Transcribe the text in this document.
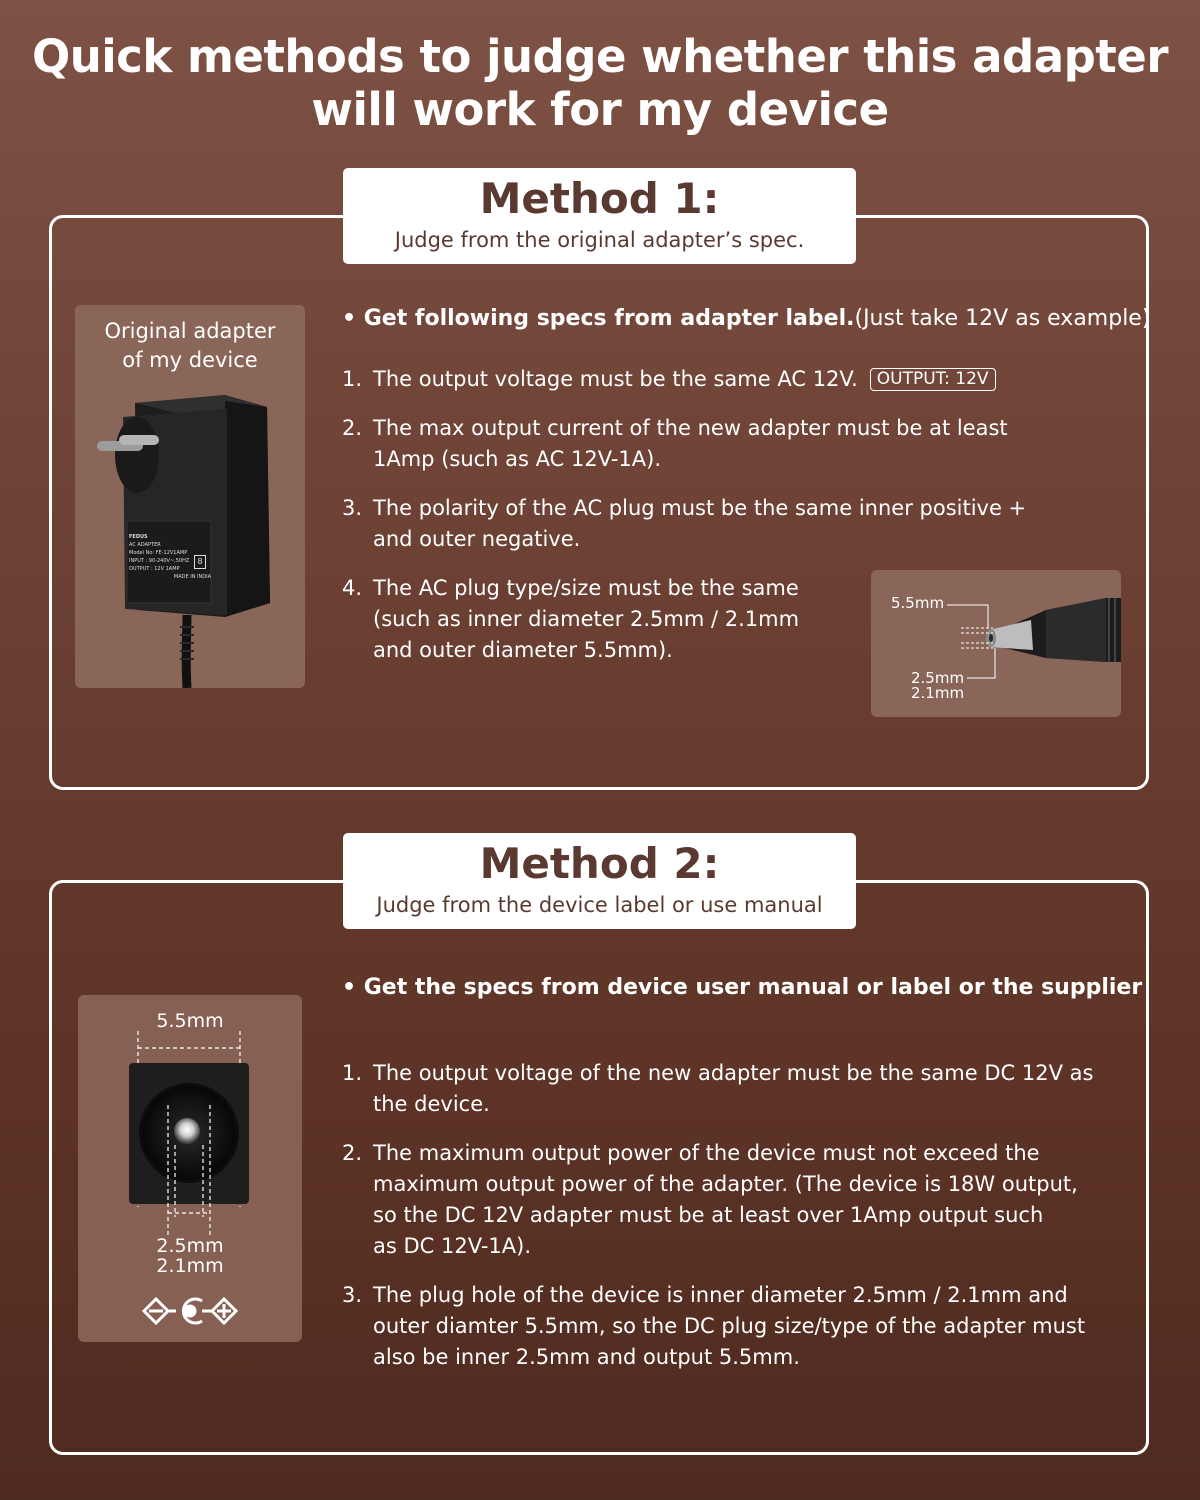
Quick methods to judge whether this adapter
will work for my device
Method 1:
Judge from the original adapter’s spec.
Original adapter
of my device
FEDUS
AC ADAPTER
Model No: FE-12V1AMP
INPUT : 90-240V~,50HZ
OUTPUT : 12V 1AMP
MADE IN INDIA
8
• Get following specs from adapter label.(Just take 12V as example)
1. The output voltage must be the same AC 12V. OUTPUT: 12V
2. The max output current of the new adapter must be at least
1Amp (such as AC 12V-1A).
3. The polarity of the AC plug must be the same inner positive +
and outer negative.
4. The AC plug type/size must be the same
(such as inner diameter 2.5mm / 2.1mm
and outer diameter 5.5mm).
5.5mm
2.5mm
2.1mm
Method 2:
Judge from the device label or use manual
5.5mm
2.5mm
2.1mm
• Get the specs from device user manual or label or the supplier
1. The output voltage of the new adapter must be the same DC 12V as
the device.
2. The maximum output power of the device must not exceed the
maximum output power of the adapter. (The device is 18W output,
so the DC 12V adapter must be at least over 1Amp output such
as DC 12V-1A).
3. The plug hole of the device is inner diameter 2.5mm / 2.1mm and
outer diamter 5.5mm, so the DC plug size/type of the adapter must
also be inner 2.5mm and output 5.5mm.
